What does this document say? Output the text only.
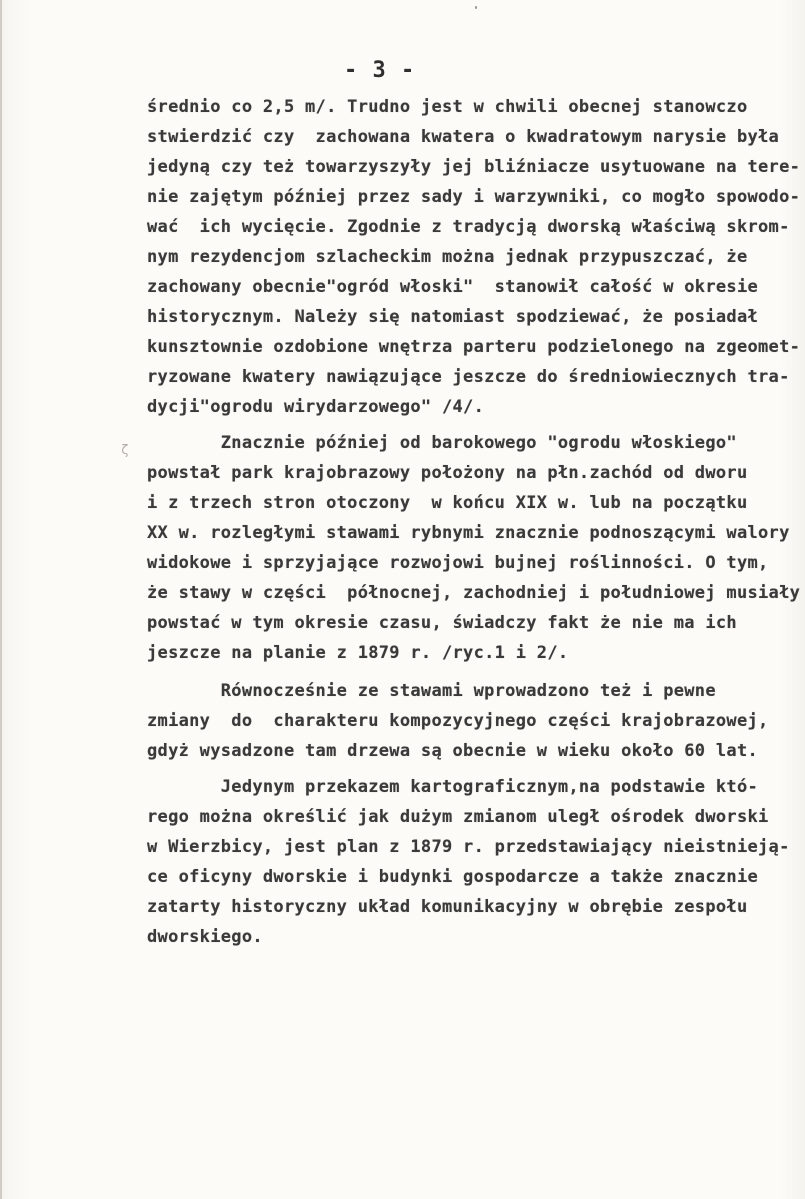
- 3 -
ζ
średnio co 2,5 m/. Trudno jest w chwili obecnej stanowczo
stwierdzić czy  zachowana kwatera o kwadratowym narysie była
jedyną czy też towarzyszyły jej bliźniacze usytuowane na tere-
nie zajętym później przez sady i warzywniki, co mogło spowodo-
wać  ich wycięcie. Zgodnie z tradycją dworską właściwą skrom-
nym rezydencjom szlacheckim można jednak przypuszczać, że
zachowany obecnie"ogród włoski"  stanowił całość w okresie
historycznym. Należy się natomiast spodziewać, że posiadał
kunsztownie ozdobione wnętrza parteru podzielonego na zgeomet-
ryzowane kwatery nawiązujące jeszcze do średniowiecznych tra-
dycji"ogrodu wirydarzowego" /4/.
Znacznie później od barokowego "ogrodu włoskiego"
powstał park krajobrazowy położony na płn.zachód od dworu
i z trzech stron otoczony  w końcu XIX w. lub na początku
XX w. rozległymi stawami rybnymi znacznie podnoszącymi walory
widokowe i sprzyjające rozwojowi bujnej roślinności. O tym,
że stawy w części  północnej, zachodniej i południowej musiały
powstać w tym okresie czasu, świadczy fakt że nie ma ich
jeszcze na planie z 1879 r. /ryc.1 i 2/.
Równocześnie ze stawami wprowadzono też i pewne
zmiany  do  charakteru kompozycyjnego części krajobrazowej,
gdyż wysadzone tam drzewa są obecnie w wieku około 60 lat.
Jedynym przekazem kartograficznym,na podstawie któ-
rego można określić jak dużym zmianom uległ ośrodek dworski
w Wierzbicy, jest plan z 1879 r. przedstawiający nieistnieją-
ce oficyny dworskie i budynki gospodarcze a także znacznie
zatarty historyczny układ komunikacyjny w obrębie zespołu
dworskiego.
